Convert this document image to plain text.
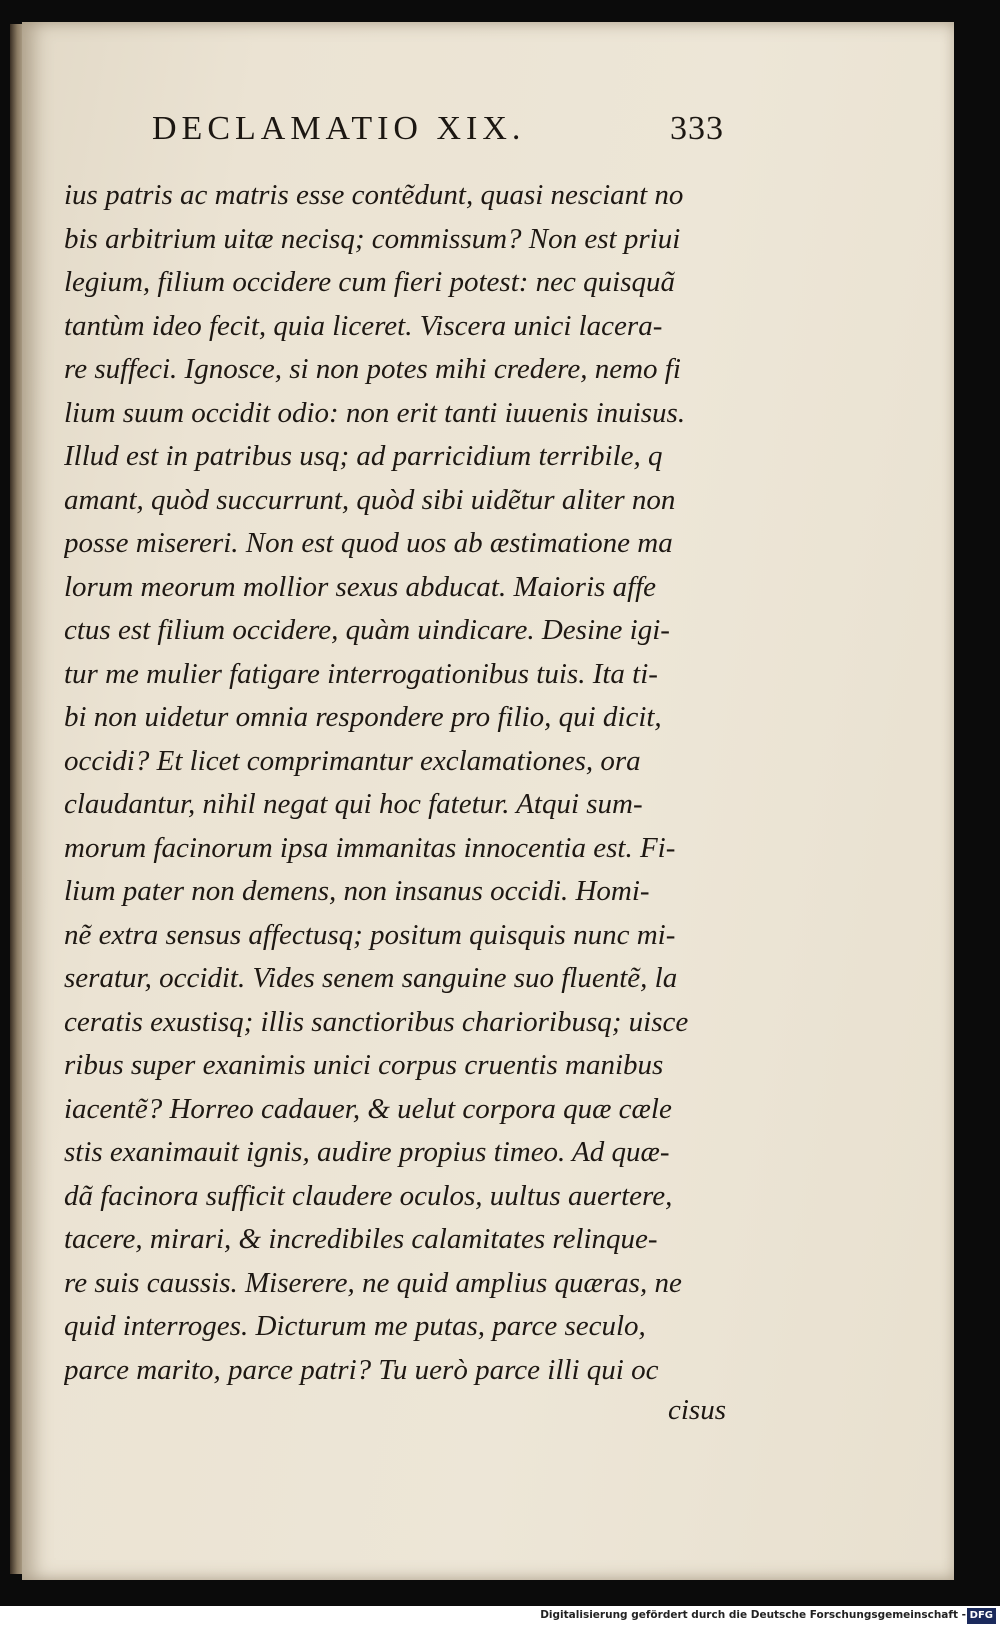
DECLAMATIO XIX.	333
ius patris ac matris esse contẽdunt, quasi nesciant no
bis arbitrium uitæ necisq; commissum? Non est priui
legium, filium occidere cum fieri potest: nec quisquã
tantùm ideo fecit, quia liceret. Viscera unici lacera-
re suffeci. Ignosce, si non potes mihi credere, nemo fi
lium suum occidit odio: non erit tanti iuuenis inuisus.
Illud est in patribus usq; ad parricidium terribile, q
amant, quòd succurrunt, quòd sibi uidẽtur aliter non
posse misereri. Non est quod uos ab æstimatione ma
lorum meorum mollior sexus abducat. Maioris affe
ctus est filium occidere, quàm uindicare. Desine igi-
tur me mulier fatigare interrogationibus tuis. Ita ti-
bi non uidetur omnia respondere pro filio, qui dicit,
occidi? Et licet comprimantur exclamationes, ora
claudantur, nihil negat qui hoc fatetur. Atqui sum-
morum facinorum ipsa immanitas innocentia est. Fi-
lium pater non demens, non insanus occidi. Homi-
nẽ extra sensus affectusq; positum quisquis nunc mi-
seratur, occidit. Vides senem sanguine suo fluentẽ, la
ceratis exustisq; illis sanctioribus charioribusq; uisce
ribus super exanimis unici corpus cruentis manibus
iacentẽ? Horreo cadauer, & uelut corpora quæ cæle
stis exanimauit ignis, audire propius timeo. Ad quæ-
dã facinora sufficit claudere oculos, uultus auertere,
tacere, mirari, & incredibiles calamitates relinque-
re suis caussis. Miserere, ne quid amplius quæras, ne
quid interroges. Dicturum me putas, parce seculo,
parce marito, parce patri? Tu uerò parce illi qui oc
cisus
Digitalisierung gefördert durch die Deutsche Forschungsgemeinschaft - DFG
